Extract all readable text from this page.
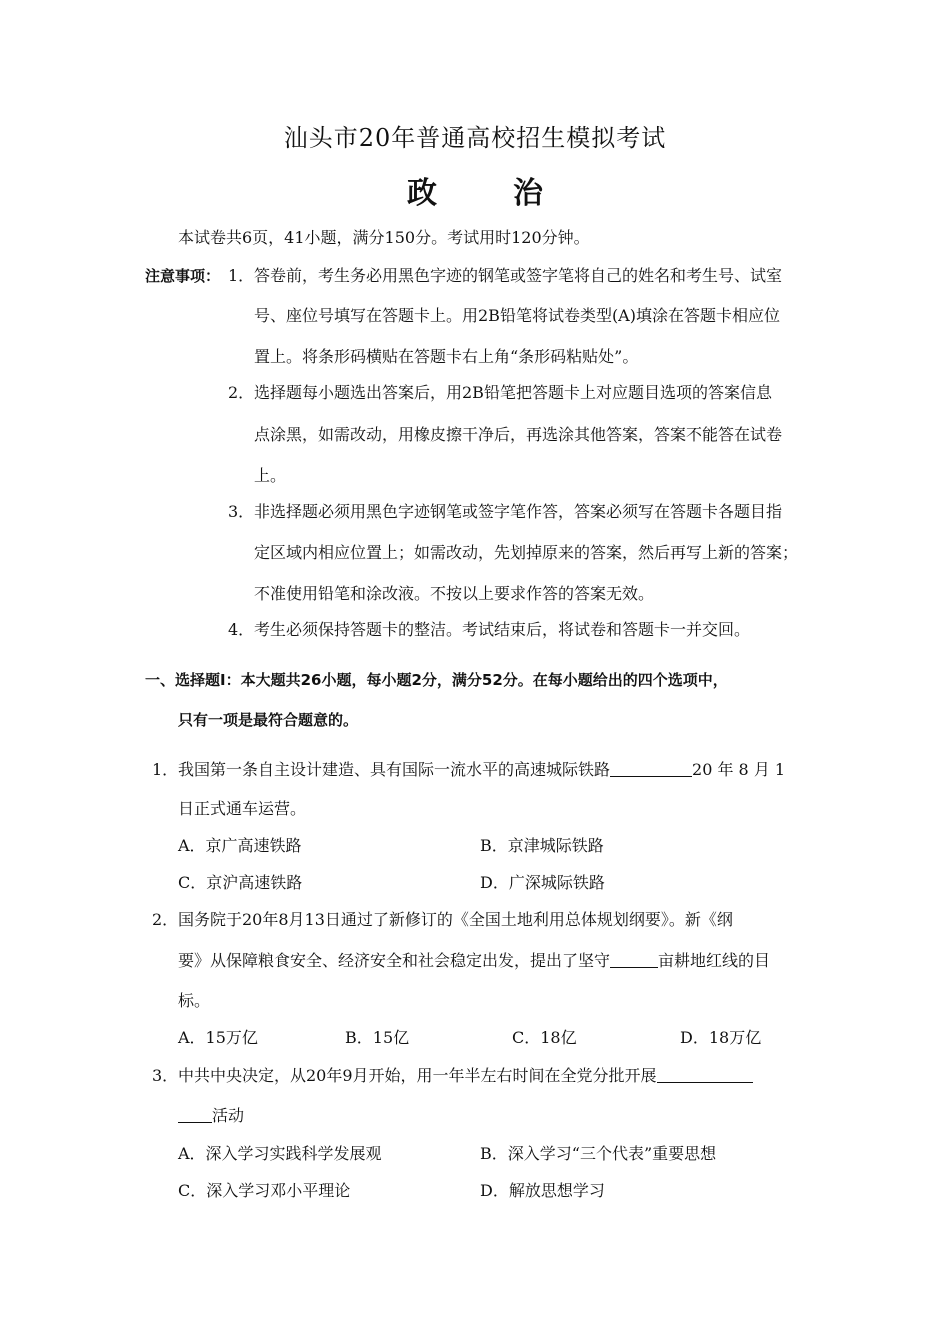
汕头市20年普通高校招生模拟考试
政	治
本试卷共6页，41小题，满分150分。考试用时120分钟。
注意事项： 1． 答卷前，考生务必用黑色字迹的钢笔或签字笔将自己的姓名和考生号、试室
号、座位号填写在答题卡上。用2B铅笔将试卷类型(A)填涂在答题卡相应位
置上。将条形码横贴在答题卡右上角“条形码粘贴处”。
2． 选择题每小题选出答案后，用2B铅笔把答题卡上对应题目选项的答案信息
点涂黑，如需改动，用橡皮擦干净后，再选涂其他答案，答案不能答在试卷
上。
3． 非选择题必须用黑色字迹钢笔或签字笔作答，答案必须写在答题卡各题目指
定区域内相应位置上；如需改动，先划掉原来的答案，然后再写上新的答案；
不准使用铅笔和涂改液。不按以上要求作答的答案无效。
4． 考生必须保持答题卡的整洁。考试结束后，将试卷和答题卡一并交回。
一、选择题Ⅰ：本大题共26小题，每小题2分，满分52分。在每小题给出的四个选项中，
只有一项是最符合题意的。
1． 我国第一条自主设计建造、具有国际一流水平的高速城际铁路	20 年 8 月 1
日正式通车运营。
A．京广高速铁路	B．京津城际铁路
C．京沪高速铁路	D．广深城际铁路
2． 国务院于20年8月13日通过了新修订的《全国土地利用总体规划纲要》。新《纲
要》从保障粮食安全、经济安全和社会稳定出发，提出了坚守	亩耕地红线的目
标。
A．15万亿	B．15亿	C．18亿	D．18万亿
3． 中共中央决定，从20年9月开始，用一年半左右时间在全党分批开展
活动
A．深入学习实践科学发展观	B．深入学习“三个代表”重要思想
C．深入学习邓小平理论	D．解放思想学习
